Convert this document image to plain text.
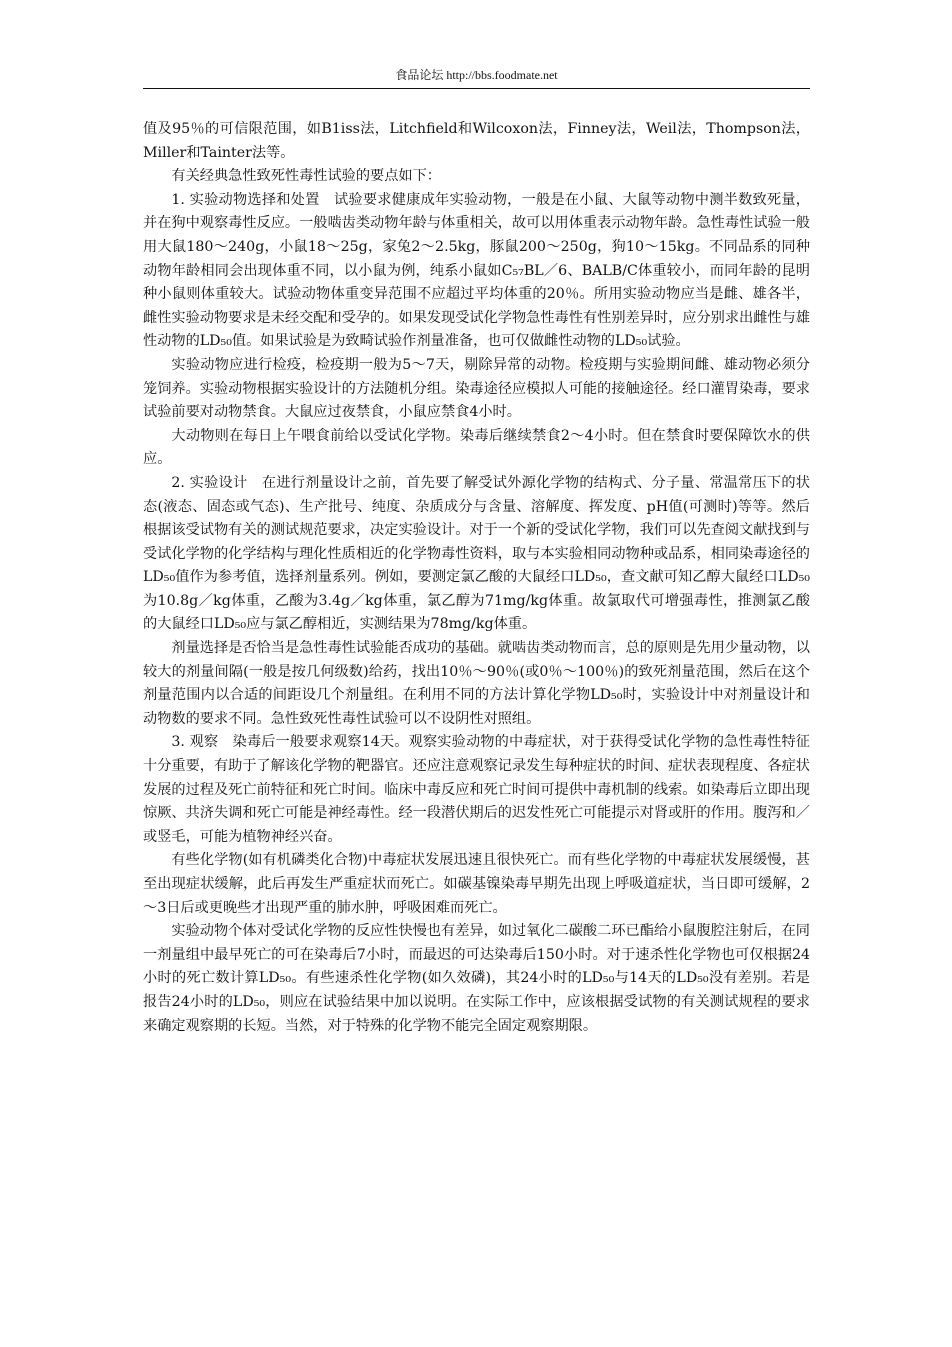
食品论坛 http://bbs.foodmate.net

值及95％的可信限范围，如B1iss法，Litchfield和Wilcoxon法，Finney法，Weil法，Thompson法，Miller和Tainter法等。

有关经典急性致死性毒性试验的要点如下：

1. 实验动物选择和处置　试验要求健康成年实验动物，一般是在小鼠、大鼠等动物中测半数致死量，并在狗中观察毒性反应。一般啮齿类动物年龄与体重相关，故可以用体重表示动物年龄。急性毒性试验一般用大鼠180～240g，小鼠18～25g，家兔2～2.5kg，豚鼠200～250g，狗10～15kg。不同品系的同种动物年龄相同会出现体重不同，以小鼠为例，纯系小鼠如C₅₇BL／6、BALB/C体重较小，而同年龄的昆明种小鼠则体重较大。试验动物体重变异范围不应超过平均体重的20％。所用实验动物应当是雌、雄各半，雌性实验动物要求是未经交配和受孕的。如果发现受试化学物急性毒性有性别差异时，应分别求出雌性与雄性动物的LD₅₀值。如果试验是为致畸试验作剂量准备，也可仅做雌性动物的LD₅₀试验。

实验动物应进行检疫，检疫期一般为5～7天，剔除异常的动物。检疫期与实验期间雌、雄动物必须分笼饲养。实验动物根据实验设计的方法随机分组。染毒途径应模拟人可能的接触途径。经口灌胃染毒，要求试验前要对动物禁食。大鼠应过夜禁食，小鼠应禁食4小时。

大动物则在每日上午喂食前给以受试化学物。染毒后继续禁食2～4小时。但在禁食时要保障饮水的供应。

2. 实验设计　在进行剂量设计之前，首先要了解受试外源化学物的结构式、分子量、常温常压下的状态(液态、固态或气态)、生产批号、纯度、杂质成分与含量、溶解度、挥发度、pH值(可测时)等等。然后根据该受试物有关的测试规范要求，决定实验设计。对于一个新的受试化学物，我们可以先查阅文献找到与受试化学物的化学结构与理化性质相近的化学物毒性资料，取与本实验相同动物种或品系，相同染毒途径的LD₅₀值作为参考值，选择剂量系列。例如，要测定氯乙酸的大鼠经口LD₅₀，查文献可知乙醇大鼠经口LD₅₀为10.8g／kg体重，乙酸为3.4g／kg体重，氯乙醇为71mg/kg体重。故氯取代可增强毒性，推测氯乙酸的大鼠经口LD₅₀应与氯乙醇相近，实测结果为78mg/kg体重。

剂量选择是否恰当是急性毒性试验能否成功的基础。就啮齿类动物而言，总的原则是先用少量动物，以较大的剂量间隔(一般是按几何级数)给药，找出10％～90％(或0％～100％)的致死剂量范围，然后在这个剂量范围内以合适的间距设几个剂量组。在利用不同的方法计算化学物LD₅₀时，实验设计中对剂量设计和动物数的要求不同。急性致死性毒性试验可以不设阴性对照组。

3. 观察　染毒后一般要求观察14天。观察实验动物的中毒症状，对于获得受试化学物的急性毒性特征十分重要，有助于了解该化学物的靶器官。还应注意观察记录发生每种症状的时间、症状表现程度、各症状发展的过程及死亡前特征和死亡时间。临床中毒反应和死亡时间可提供中毒机制的线索。如染毒后立即出现惊厥、共济失调和死亡可能是神经毒性。经一段潜伏期后的迟发性死亡可能提示对肾或肝的作用。腹泻和／或竖毛，可能为植物神经兴奋。

有些化学物(如有机磷类化合物)中毒症状发展迅速且很快死亡。而有些化学物的中毒症状发展缓慢，甚至出现症状缓解，此后再发生严重症状而死亡。如碳基镍染毒早期先出现上呼吸道症状，当日即可缓解，2～3日后或更晚些才出现严重的肺水肿，呼吸困难而死亡。

实验动物个体对受试化学物的反应性快慢也有差异，如过氧化二碳酸二环已酯给小鼠腹腔注射后，在同一剂量组中最早死亡的可在染毒后7小时，而最迟的可达染毒后150小时。对于速杀性化学物也可仅根据24小时的死亡数计算LD₅₀。有些速杀性化学物(如久效磷)，其24小时的LD₅₀与14天的LD₅₀没有差别。若是报告24小时的LD₅₀，则应在试验结果中加以说明。在实际工作中，应该根据受试物的有关测试规程的要求来确定观察期的长短。当然，对于特殊的化学物不能完全固定观察期限。
